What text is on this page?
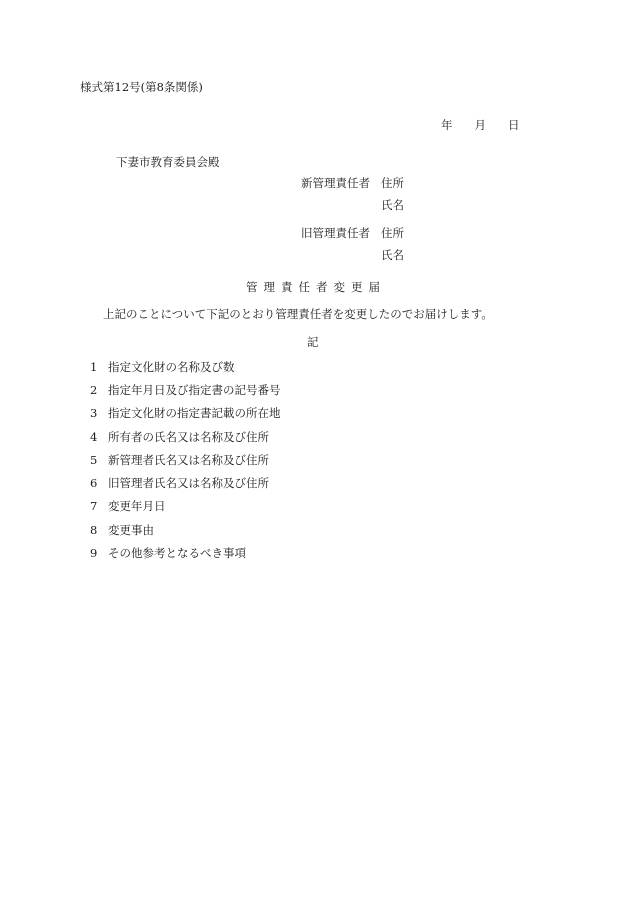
様式第12号(第8条関係)
年 月 日
下妻市教育委員会殿
新管理責任者 住所
氏名
旧管理責任者 住所
氏名
管理責任者変更届
上記のことについて下記のとおり管理責任者を変更したのでお届けします。
記
1 指定文化財の名称及び数
2 指定年月日及び指定書の記号番号
3 指定文化財の指定書記載の所在地
4 所有者の氏名又は名称及び住所
5 新管理者氏名又は名称及び住所
6 旧管理者氏名又は名称及び住所
7 変更年月日
8 変更事由
9 その他参考となるべき事項
